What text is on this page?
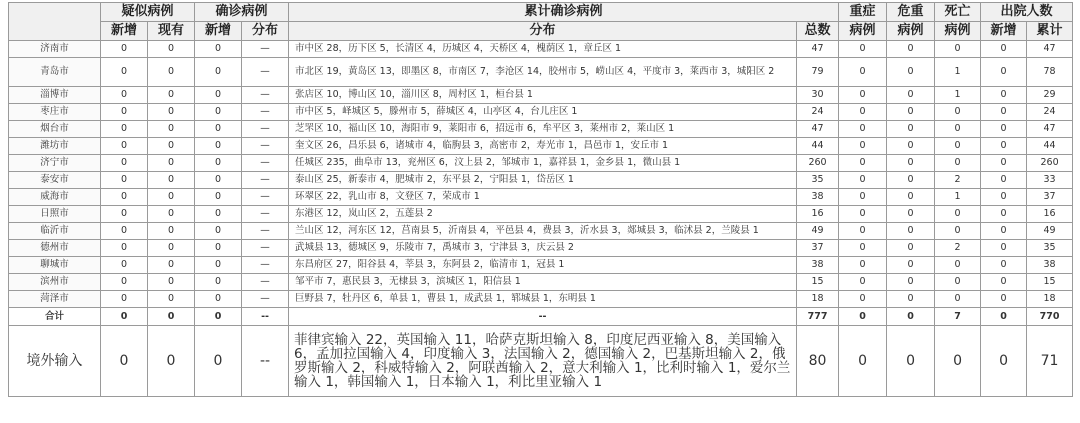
	疑似病例		确诊病例		累计确诊病例		重症	危重	死亡	出院人数	
	新增	现有	新增	分布	分布	总数	病例	病例	病例	新增	累计
济南市	0	0	0	—	市中区 28，历下区 5，长清区 4，历城区 4，天桥区 4，槐荫区 1，章丘区 1	47	0	0	0	0	47
青岛市	0	0	0	—	市北区 19，黄岛区 13，即墨区 8，市南区 7，李沧区 14，胶州市 5，崂山区 4，平度市 3，莱西市 3，城阳区 2	79	0	0	1	0	78
淄博市	0	0	0	—	张店区 10，博山区 10，淄川区 8，周村区 1，桓台县 1	30	0	0	1	0	29
枣庄市	0	0	0	—	市中区 5，峄城区 5，滕州市 5，薛城区 4，山亭区 4，台儿庄区 1	24	0	0	0	0	24
烟台市	0	0	0	—	芝罘区 10，福山区 10，海阳市 9，莱阳市 6，招远市 6，牟平区 3，莱州市 2，莱山区 1	47	0	0	0	0	47
潍坊市	0	0	0	—	奎文区 26，昌乐县 6，诸城市 4，临朐县 3，高密市 2，寿光市 1，昌邑市 1，安丘市 1	44	0	0	0	0	44
济宁市	0	0	0	—	任城区 235，曲阜市 13，兖州区 6，汶上县 2，邹城市 1，嘉祥县 1，金乡县 1，微山县 1	260	0	0	0	0	260
泰安市	0	0	0	—	泰山区 25，新泰市 4，肥城市 2，东平县 2，宁阳县 1，岱岳区 1	35	0	0	2	0	33
威海市	0	0	0	—	环翠区 22，乳山市 8，文登区 7，荣成市 1	38	0	0	1	0	37
日照市	0	0	0	—	东港区 12，岚山区 2，五莲县 2	16	0	0	0	0	16
临沂市	0	0	0	—	兰山区 12，河东区 12，莒南县 5，沂南县 4，平邑县 4，费县 3，沂水县 3，郯城县 3，临沭县 2，兰陵县 1	49	0	0	0	0	49
德州市	0	0	0	—	武城县 13，德城区 9，乐陵市 7，禹城市 3，宁津县 3，庆云县 2	37	0	0	2	0	35
聊城市	0	0	0	—	东昌府区 27，阳谷县 4，莘县 3，东阿县 2，临清市 1，冠县 1	38	0	0	0	0	38
滨州市	0	0	0	—	邹平市 7，惠民县 3，无棣县 3，滨城区 1，阳信县 1	15	0	0	0	0	15
菏泽市	0	0	0	—	巨野县 7，牡丹区 6，单县 1，曹县 1，成武县 1，郓城县 1，东明县 1	18	0	0	0	0	18
合计	0	0	0	--	--	777	0	0	7	0	770
境外输入	0	0	0	--	菲律宾输入 22，英国输入 11，哈萨克斯坦输入 8，印度尼西亚输入 8，美国输入 6，孟加拉国输入 4，印度输入 3，法国输入 2，德国输入 2，巴基斯坦输入 2，俄罗斯输入 2，科威特输入 2，阿联酋输入 2，意大利输入 1，比利时输入 1，爱尔兰输入 1，韩国输入 1，日本输入 1，利比里亚输入 1	80	0	0	0	0	71
